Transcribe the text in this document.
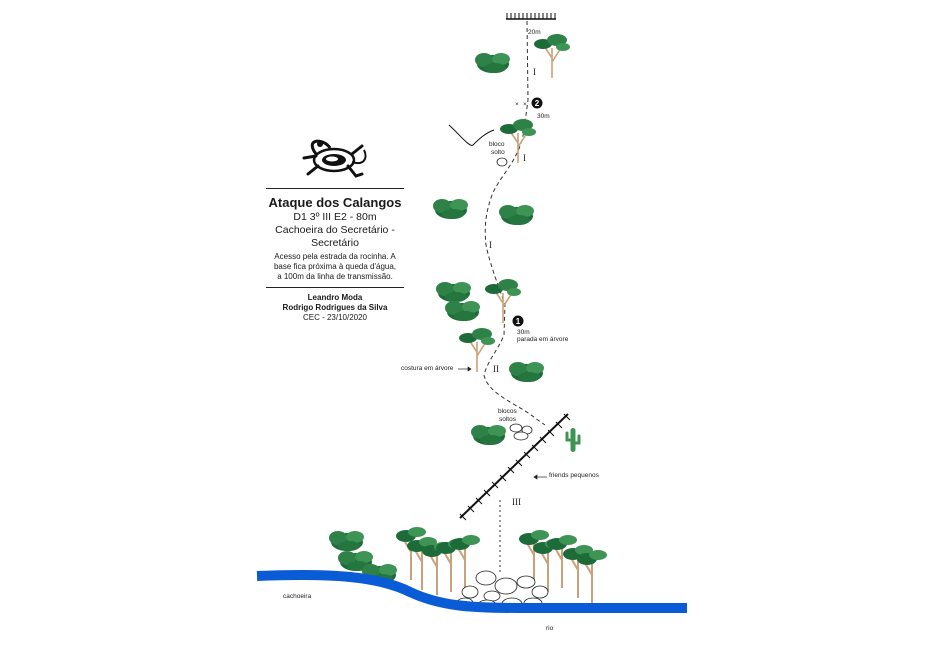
× × 2
1
20m
I
30m
bloco
solto
I
I
30m
parada em árvore
costura em árvore	II
blocos
soltos
friends pequenos
III
cachoeira
rio
Ataque dos Calangos
D1 3º III E2 - 80m
Cachoeira do Secretário -
Secretário
Acesso pela estrada da rocinha. A
base fica próxima à queda d'água,
a 100m da linha de transmissão.
Leandro Moda
Rodrigo Rodrigues da Silva
CEC - 23/10/2020
